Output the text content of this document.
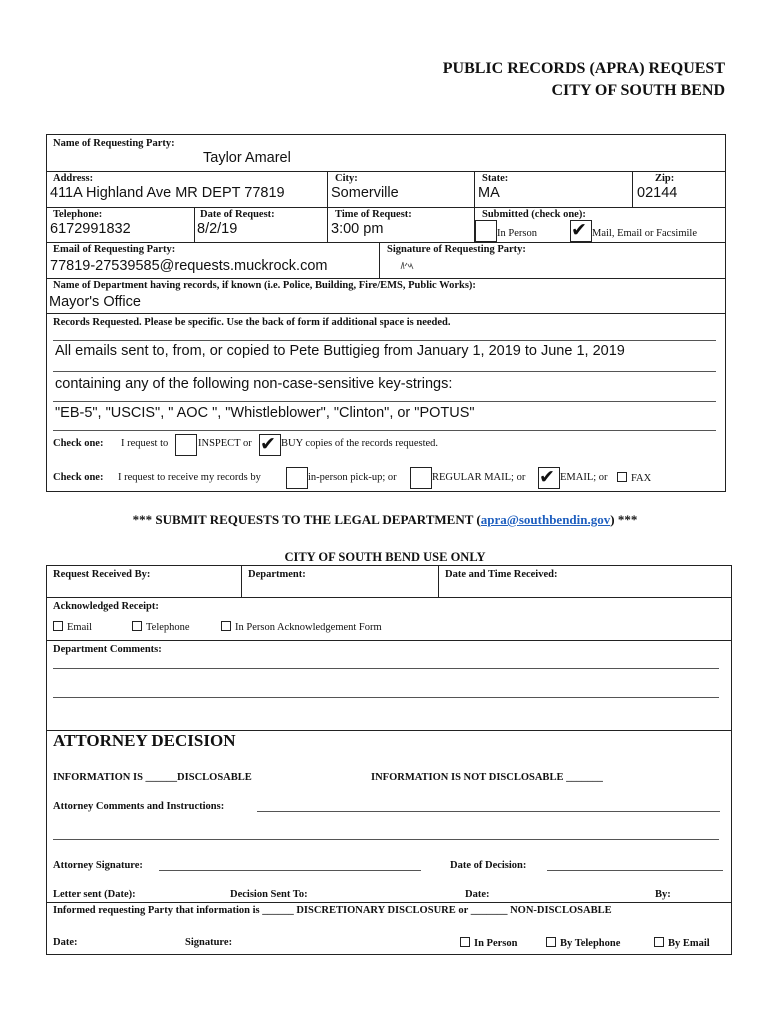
PUBLIC RECORDS (APRA) REQUEST
CITY OF SOUTH BEND
Name of Requesting Party:
Taylor Amarel
Address:
411A Highland Ave MR DEPT 77819
City:
Somerville
State:
MA
Zip:
02144
Telephone:
6172991832
Date of Request:
8/2/19
Time of Request:
3:00 pm
Submitted (check one):
In Person ✔ Mail, Email or Facsimile
Email of Requesting Party:
77819-27539585@requests.muckrock.com
Signature of Requesting Party:
Name of Department having records, if known (i.e. Police, Building, Fire/EMS, Public Works):
Mayor's Office
Records Requested. Please be specific. Use the back of form if additional space is needed.
All emails sent to, from, or copied to Pete Buttigieg from January 1, 2019 to June 1, 2019
containing any of the following non-case-sensitive key-strings:
"EB-5", "USCIS", " AOC ", "Whistleblower", "Clinton", or "POTUS"
Check one: I request to	INSPECT or ✔ BUY copies of the records requested.
Check one: I request to receive my records by	in-person pick-up; or	REGULAR MAIL; or ✔ EMAIL; or	FAX
*** SUBMIT REQUESTS TO THE LEGAL DEPARTMENT (apra@southbendin.gov) ***
CITY OF SOUTH BEND USE ONLY
Request Received By:	Department:	Date and Time Received:
Acknowledged Receipt:
Email	Telephone	In Person Acknowledgement Form
Department Comments:
ATTORNEY DECISION
INFORMATION IS ______DISCLOSABLE	INFORMATION IS NOT DISCLOSABLE _______
Attorney Comments and Instructions:
Attorney Signature:	Date of Decision:
Letter sent (Date):	Decision Sent To:	Date:	By:
Informed requesting Party that information is ______ DISCRETIONARY DISCLOSURE or _______ NON-DISCLOSABLE
Date:	Signature:	In Person	By Telephone	By Email
